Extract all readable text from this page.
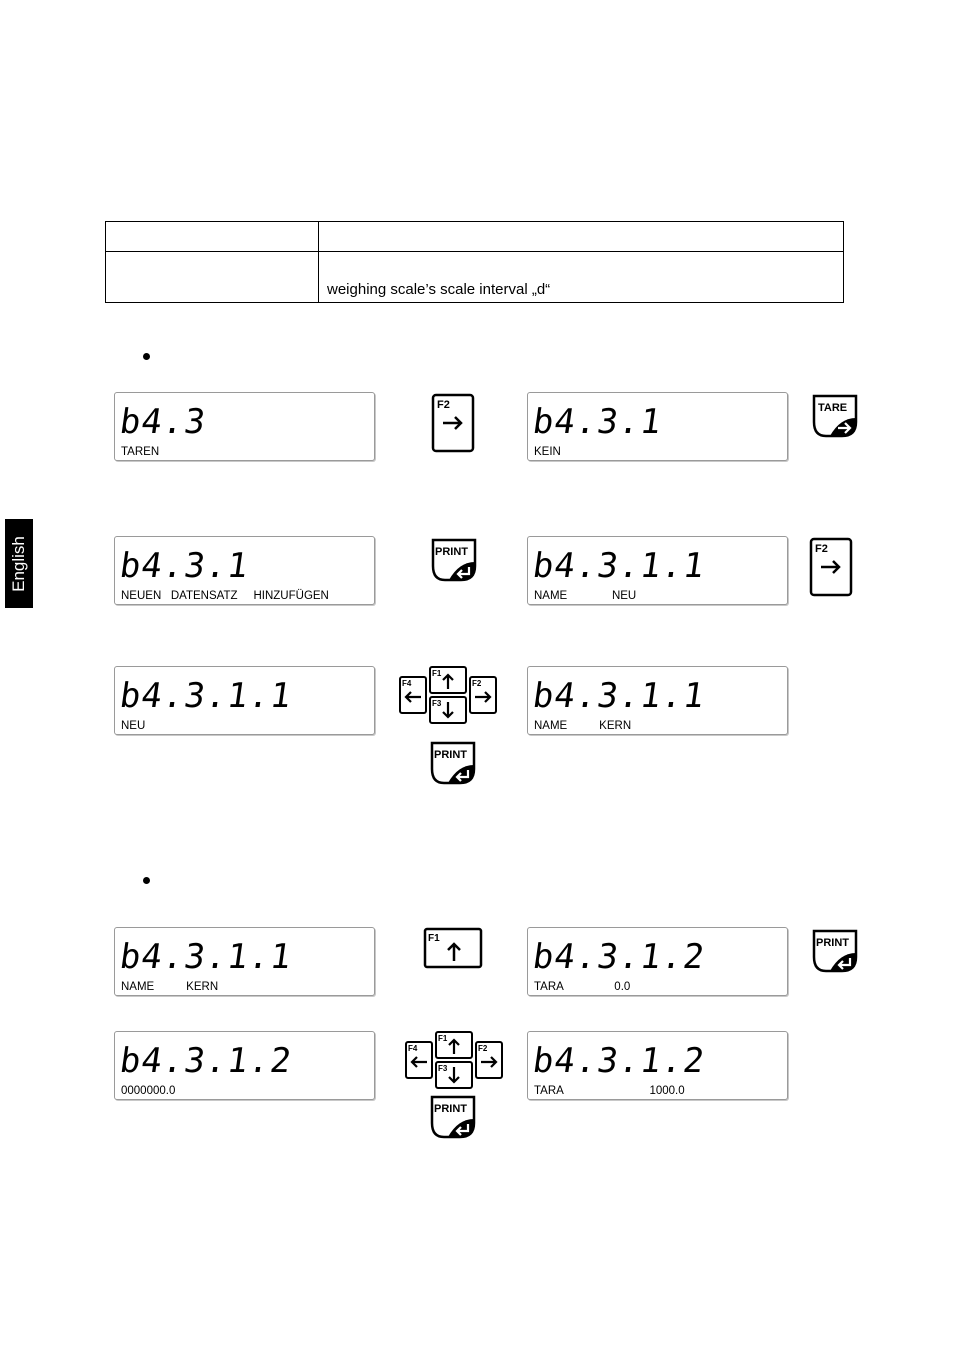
English

	weighing scale’s scale interval „d“
b4.3
TAREN
b4.3.1
KEIN
b4.3.1
NEUEN   DATENSATZ     HINZUFÜGEN
b4.3.1.1
NAME              NEU
b4.3.1.1
NEU
b4.3.1.1
NAME          KERN
b4.3.1.1
NAME          KERN
b4.3.1.2
TARA                0.0
b4.3.1.2
0000000.0
b4.3.1.2
TARA                           1000.0
F2	TARE
PRINT	F2
F1
F3
F4	F2
PRINT
F1	PRINT
F1
F3
F4	F2
PRINT
